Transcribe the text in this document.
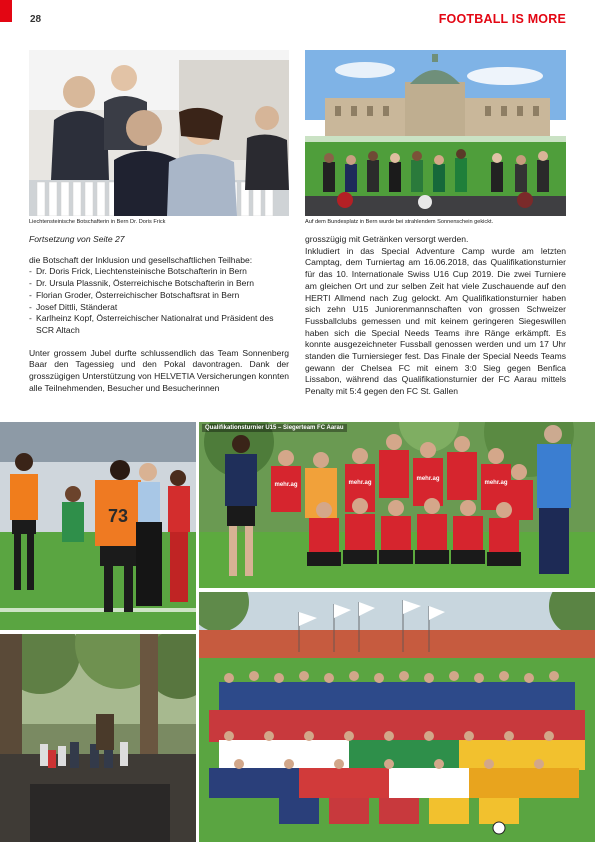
28	FOOTBALL IS MORE
Liechtensteinische Botschafterin in Bern Dr. Doris Frick	Auf dem Bundesplatz in Bern wurde bei strahlendem Sonnenschein gekickt.

Fortsetzung von Seite 27

die Botschaft der Inklusion und gesellschaftlichen Teilhabe:

- Dr. Doris Frick, Liechtensteinische Botschafterin in Bern
- Dr. Ursula Plassnik, Österreichische Botschafterin in Bern
- Florian Groder, Österreichischer Botschaftsrat in Bern
- Josef Dittli, Ständerat
- Karlheinz Kopf, Österreichischer Nationalrat und Präsident des SCR Altach

Unter grossem Jubel durfte schlussendlich das Team Sonnenberg Baar den Tagessieg und den Pokal davontragen. Dank der grosszügigen Unterstützung von HELVETIA Versicherungen konnten alle Teilnehmenden, Besucher und Besucherinnen

grosszügig mit Getränken versorgt werden.

Inkludiert in das Special Adventure Camp wurde am letzten Camptag, dem Turniertag am 16.06.2018, das Qualifikationsturnier für das 10. Internationale Swiss U16 Cup 2019. Die zwei Turniere am gleichen Ort und zur selben Zeit hat viele Zuschauende auf den HERTI Allmend nach Zug gelockt. Am Qualifikationsturnier haben sich zehn U15 Juniorenmannschaften von grossen Schweizer Fussballclubs gemessen und mit keinem geringeren Siegeswillen haben sich die Special Needs Teams ihre Ränge erkämpft. Es konnte ausgezeichneter Fussball genossen werden und um 17 Uhr standen die Turniersieger fest. Das Finale der Special Needs Teams gewann der Chelsea FC mit einem 3:0 Sieg gegen Benfica Lissabon, während das Qualifikationsturnier der FC Aarau mittels Penalty mit 5:4 gegen den FC St. Gallen

73
mehr.ag	mehr.ag
mehr.ag
mehr.ag
Qualifikationsturnier U15 – Siegerteam FC Aarau
